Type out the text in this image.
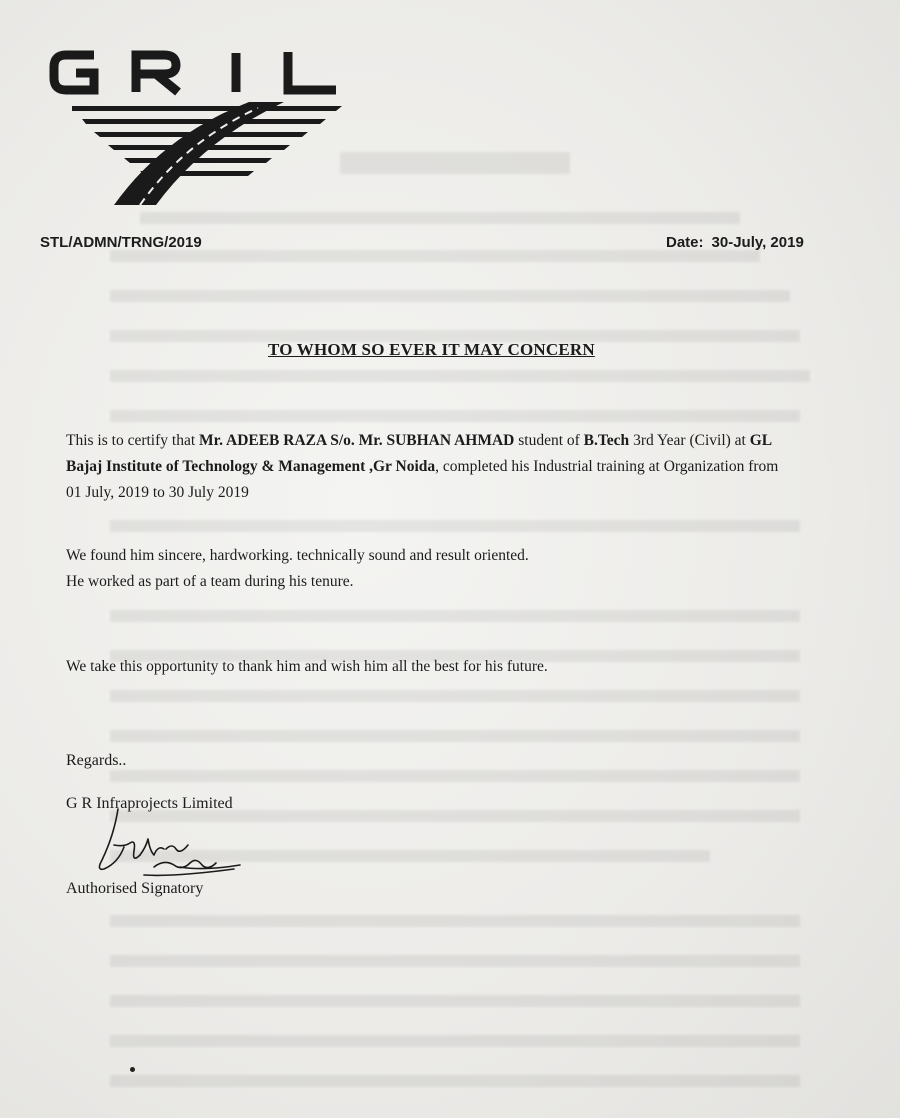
STL/ADMN/TRNG/2019	Date: 30-July, 2019
TO WHOM SO EVER IT MAY CONCERN
This is to certify that Mr. ADEEB RAZA S/o. Mr. SUBHAN AHMAD student of B.Tech 3rd Year (Civil) at GL
Bajaj Institute of Technology & Management ,Gr Noida, completed his Industrial training at Organization from
01 July, 2019 to 30 July 2019
We found him sincere, hardworking. technically sound and result oriented.
He worked as part of a team during his tenure.
We take this opportunity to thank him and wish him all the best for his future.
Regards..
G R Infraprojects Limited
Authorised Signatory
